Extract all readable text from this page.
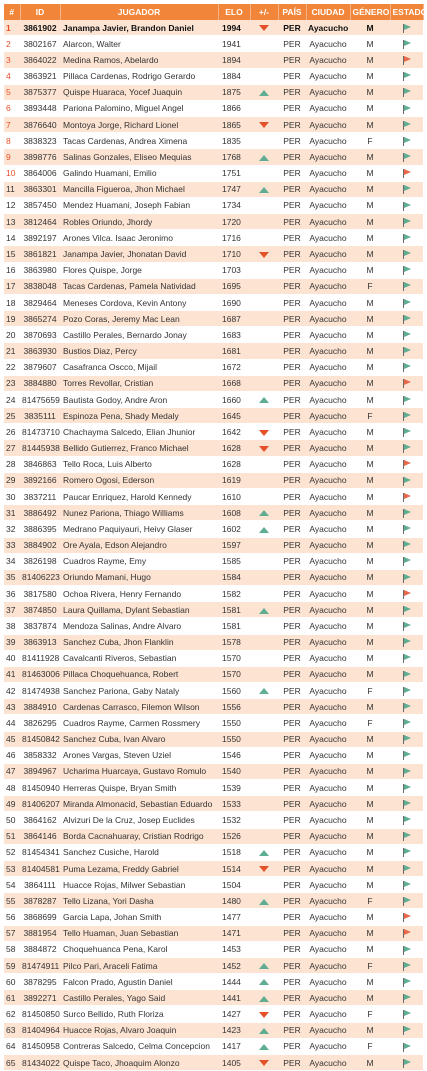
#	ID	JUGADOR	ELO	+/-	PAÍS	CIUDAD	GÉNERO	ESTADO
1	3861902	Janampa Javier, Brandon Daniel	1994		PER	Ayacucho	M	

2	3802167	Alarcon, Walter	1941		PER	Ayacucho	M	

3	3864022	Medina Ramos, Abelardo	1894		PER	Ayacucho	M	

4	3863921	Pillaca Cardenas, Rodrigo Gerardo	1884		PER	Ayacucho	M	

5	3875377	Quispe Huaraca, Yocef Juaquin	1875		PER	Ayacucho	M	

6	3893448	Pariona Palomino, Miguel Angel	1866		PER	Ayacucho	M	

7	3876640	Montoya Jorge, Richard Lionel	1865		PER	Ayacucho	M	

8	3838323	Tacas Cardenas, Andrea Ximena	1835		PER	Ayacucho	F	

9	3898776	Salinas Gonzales, Eliseo Mequias	1768		PER	Ayacucho	M	

10	3864006	Galindo Huamani, Emilio	1751		PER	Ayacucho	M	

11	3863301	Mancilla Figueroa, Jhon Michael	1747		PER	Ayacucho	M	

12	3857450	Mendez Huamani, Joseph Fabian	1734		PER	Ayacucho	M	

13	3812464	Robles Oriundo, Jhordy	1720		PER	Ayacucho	M	

14	3892197	Arones Vilca. Isaac Jeronimo	1716		PER	Ayacucho	M	

15	3861821	Janampa Javier, Jhonatan David	1710		PER	Ayacucho	M	

16	3863980	Flores Quispe, Jorge	1703		PER	Ayacucho	M	

17	3838048	Tacas Cardenas, Pamela Natividad	1695		PER	Ayacucho	F	

18	3829464	Meneses Cordova, Kevin Antony	1690		PER	Ayacucho	M	

19	3865274	Pozo Coras, Jeremy Mac Lean	1687		PER	Ayacucho	M	

20	3870693	Castillo Perales, Bernardo Jonay	1683		PER	Ayacucho	M	

21	3863930	Bustios Diaz, Percy	1681		PER	Ayacucho	M	

22	3879607	Casafranca Oscco, Mijail	1672		PER	Ayacucho	M	

23	3884880	Torres Revollar, Cristian	1668		PER	Ayacucho	M	

24	81475659	Bautista Godoy, Andre Aron	1660		PER	Ayacucho	M	

25	3835111	Espinoza Pena, Shady Medaly	1645		PER	Ayacucho	F	

26	81473710	Chachayma Salcedo, Elian Jhunior	1642		PER	Ayacucho	M	

27	81445938	Bellido Gutierrez, Franco Michael	1628		PER	Ayacucho	M	

28	3846863	Tello Roca, Luis Alberto	1628		PER	Ayacucho	M	

29	3892166	Romero Ogosi, Ederson	1619		PER	Ayacucho	M	

30	3837211	Paucar Enriquez, Harold Kennedy	1610		PER	Ayacucho	M	

31	3886492	Nunez Pariona, Thiago Williams	1608		PER	Ayacucho	M	

32	3886395	Medrano Paquiyauri, Heivy Glaser	1602		PER	Ayacucho	M	

33	3884902	Ore Ayala, Edson Alejandro	1597		PER	Ayacucho	M	

34	3826198	Cuadros Rayme, Emy	1585		PER	Ayacucho	M	

35	81406223	Oriundo Mamani, Hugo	1584		PER	Ayacucho	M	

36	3817580	Ochoa Rivera, Henry Fernando	1582		PER	Ayacucho	M	

37	3874850	Laura Quillama, Dylant Sebastian	1581		PER	Ayacucho	M	

38	3837874	Mendoza Salinas, Andre Alvaro	1581		PER	Ayacucho	M	

39	3863913	Sanchez Cuba, Jhon Flanklin	1578		PER	Ayacucho	M	

40	81411928	Cavalcanti Riveros, Sebastian	1570		PER	Ayacucho	M	

41	81463006	Pillaca Choquehuanca, Robert	1570		PER	Ayacucho	M	

42	81474938	Sanchez Pariona, Gaby Nataly	1560		PER	Ayacucho	F	

43	3884910	Cardenas Carrasco, Filemon Wilson	1556		PER	Ayacucho	M	

44	3826295	Cuadros Rayme, Carmen Rossmery	1550		PER	Ayacucho	F	

45	81450842	Sanchez Cuba, Ivan Alvaro	1550		PER	Ayacucho	M	

46	3858332	Arones Vargas, Steven Uziel	1546		PER	Ayacucho	M	

47	3894967	Ucharima Huarcaya, Gustavo Romulo	1540		PER	Ayacucho	M	

48	81450940	Herreras Quispe, Bryan Smith	1539		PER	Ayacucho	M	

49	81406207	Miranda Almonacid, Sebastian Eduardo	1533		PER	Ayacucho	M	

50	3864162	Alvizuri De la Cruz, Josep Euclides	1532		PER	Ayacucho	M	

51	3864146	Borda Cacnahuaray, Cristian Rodrigo	1526		PER	Ayacucho	M	

52	81454341	Sanchez Cusiche, Harold	1518		PER	Ayacucho	M	

53	81404581	Puma Lezama, Freddy Gabriel	1514		PER	Ayacucho	M	

54	3864111	Huacce Rojas, Milwer Sebastian	1504		PER	Ayacucho	M	

55	3878287	Tello Lizana, Yori Dasha	1480		PER	Ayacucho	F	

56	3868699	Garcia Lapa, Johan Smith	1477		PER	Ayacucho	M	

57	3881954	Tello Huaman, Juan Sebastian	1471		PER	Ayacucho	M	

58	3884872	Choquehuanca Pena, Karol	1453		PER	Ayacucho	M	

59	81474911	Pilco Pari, Araceli Fatima	1452		PER	Ayacucho	F	

60	3878295	Falcon Prado, Agustin Daniel	1444		PER	Ayacucho	M	

61	3892271	Castillo Perales, Yago Said	1441		PER	Ayacucho	M	

62	81450850	Surco Bellido, Ruth Floriza	1427		PER	Ayacucho	F	

63	81404964	Huacce Rojas, Alvaro Joaquin	1423		PER	Ayacucho	M	

64	81450958	Contreras Salcedo, Celma Concepcion	1417		PER	Ayacucho	F	

65	81434022	Quispe Taco, Jhoaquim Alonzo	1405		PER	Ayacucho	M	
